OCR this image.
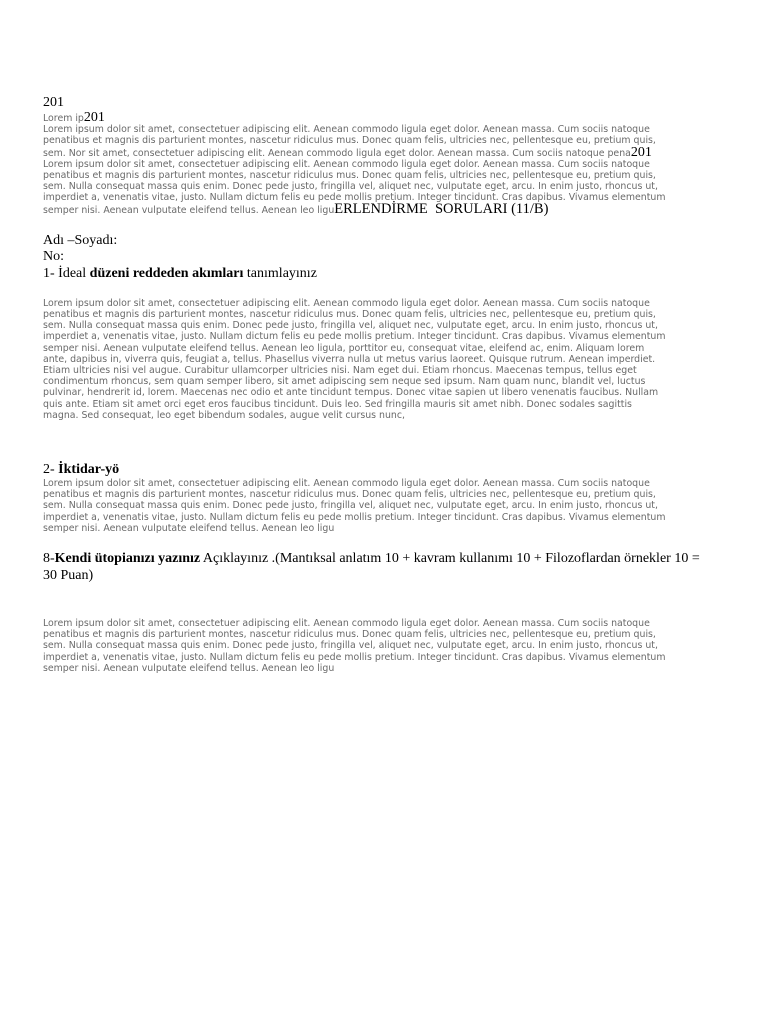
201
Lorem ip201
Lorem ipsum dolor sit amet, consectetuer adipiscing elit. Aenean commodo ligula eget dolor. Aenean massa. Cum sociis natoque
penatibus et magnis dis parturient montes, nascetur ridiculus mus. Donec quam felis, ultricies nec, pellentesque eu, pretium quis,
sem. Nor sit amet, consectetuer adipiscing elit. Aenean commodo ligula eget dolor. Aenean massa. Cum sociis natoque pena201
Lorem ipsum dolor sit amet, consectetuer adipiscing elit. Aenean commodo ligula eget dolor. Aenean massa. Cum sociis natoque
penatibus et magnis dis parturient montes, nascetur ridiculus mus. Donec quam felis, ultricies nec, pellentesque eu, pretium quis,
sem. Nulla consequat massa quis enim. Donec pede justo, fringilla vel, aliquet nec, vulputate eget, arcu. In enim justo, rhoncus ut,
imperdiet a, venenatis vitae, justo. Nullam dictum felis eu pede mollis pretium. Integer tincidunt. Cras dapibus. Vivamus elementum
semper nisi. Aenean vulputate eleifend tellus. Aenean leo liguERLENDİRME  SORULARI (11/B)
Adı –Soyadı:
No:
1- İdeal düzeni reddeden akımları tanımlayınız

Lorem ipsum dolor sit amet, consectetuer adipiscing elit. Aenean commodo ligula eget dolor. Aenean massa. Cum sociis natoque
penatibus et magnis dis parturient montes, nascetur ridiculus mus. Donec quam felis, ultricies nec, pellentesque eu, pretium quis,
sem. Nulla consequat massa quis enim. Donec pede justo, fringilla vel, aliquet nec, vulputate eget, arcu. In enim justo, rhoncus ut,
imperdiet a, venenatis vitae, justo. Nullam dictum felis eu pede mollis pretium. Integer tincidunt. Cras dapibus. Vivamus elementum
semper nisi. Aenean vulputate eleifend tellus. Aenean leo ligula, porttitor eu, consequat vitae, eleifend ac, enim. Aliquam lorem
ante, dapibus in, viverra quis, feugiat a, tellus. Phasellus viverra nulla ut metus varius laoreet. Quisque rutrum. Aenean imperdiet.
Etiam ultricies nisi vel augue. Curabitur ullamcorper ultricies nisi. Nam eget dui. Etiam rhoncus. Maecenas tempus, tellus eget
condimentum rhoncus, sem quam semper libero, sit amet adipiscing sem neque sed ipsum. Nam quam nunc, blandit vel, luctus
pulvinar, hendrerit id, lorem. Maecenas nec odio et ante tincidunt tempus. Donec vitae sapien ut libero venenatis faucibus. Nullam
quis ante. Etiam sit amet orci eget eros faucibus tincidunt. Duis leo. Sed fringilla mauris sit amet nibh. Donec sodales sagittis
magna. Sed consequat, leo eget bibendum sodales, augue velit cursus nunc,

2- İktidar-yö

Lorem ipsum dolor sit amet, consectetuer adipiscing elit. Aenean commodo ligula eget dolor. Aenean massa. Cum sociis natoque
penatibus et magnis dis parturient montes, nascetur ridiculus mus. Donec quam felis, ultricies nec, pellentesque eu, pretium quis,
sem. Nulla consequat massa quis enim. Donec pede justo, fringilla vel, aliquet nec, vulputate eget, arcu. In enim justo, rhoncus ut,
imperdiet a, venenatis vitae, justo. Nullam dictum felis eu pede mollis pretium. Integer tincidunt. Cras dapibus. Vivamus elementum
semper nisi. Aenean vulputate eleifend tellus. Aenean leo ligu

8-Kendi ütopianızı yazınız Açıklayınız .(Mantıksal anlatım 10 + kavram kullanımı 10 + Filozoflardan örnekler 10 = 30 Puan)

Lorem ipsum dolor sit amet, consectetuer adipiscing elit. Aenean commodo ligula eget dolor. Aenean massa. Cum sociis natoque
penatibus et magnis dis parturient montes, nascetur ridiculus mus. Donec quam felis, ultricies nec, pellentesque eu, pretium quis,
sem. Nulla consequat massa quis enim. Donec pede justo, fringilla vel, aliquet nec, vulputate eget, arcu. In enim justo, rhoncus ut,
imperdiet a, venenatis vitae, justo. Nullam dictum felis eu pede mollis pretium. Integer tincidunt. Cras dapibus. Vivamus elementum
semper nisi. Aenean vulputate eleifend tellus. Aenean leo ligu
